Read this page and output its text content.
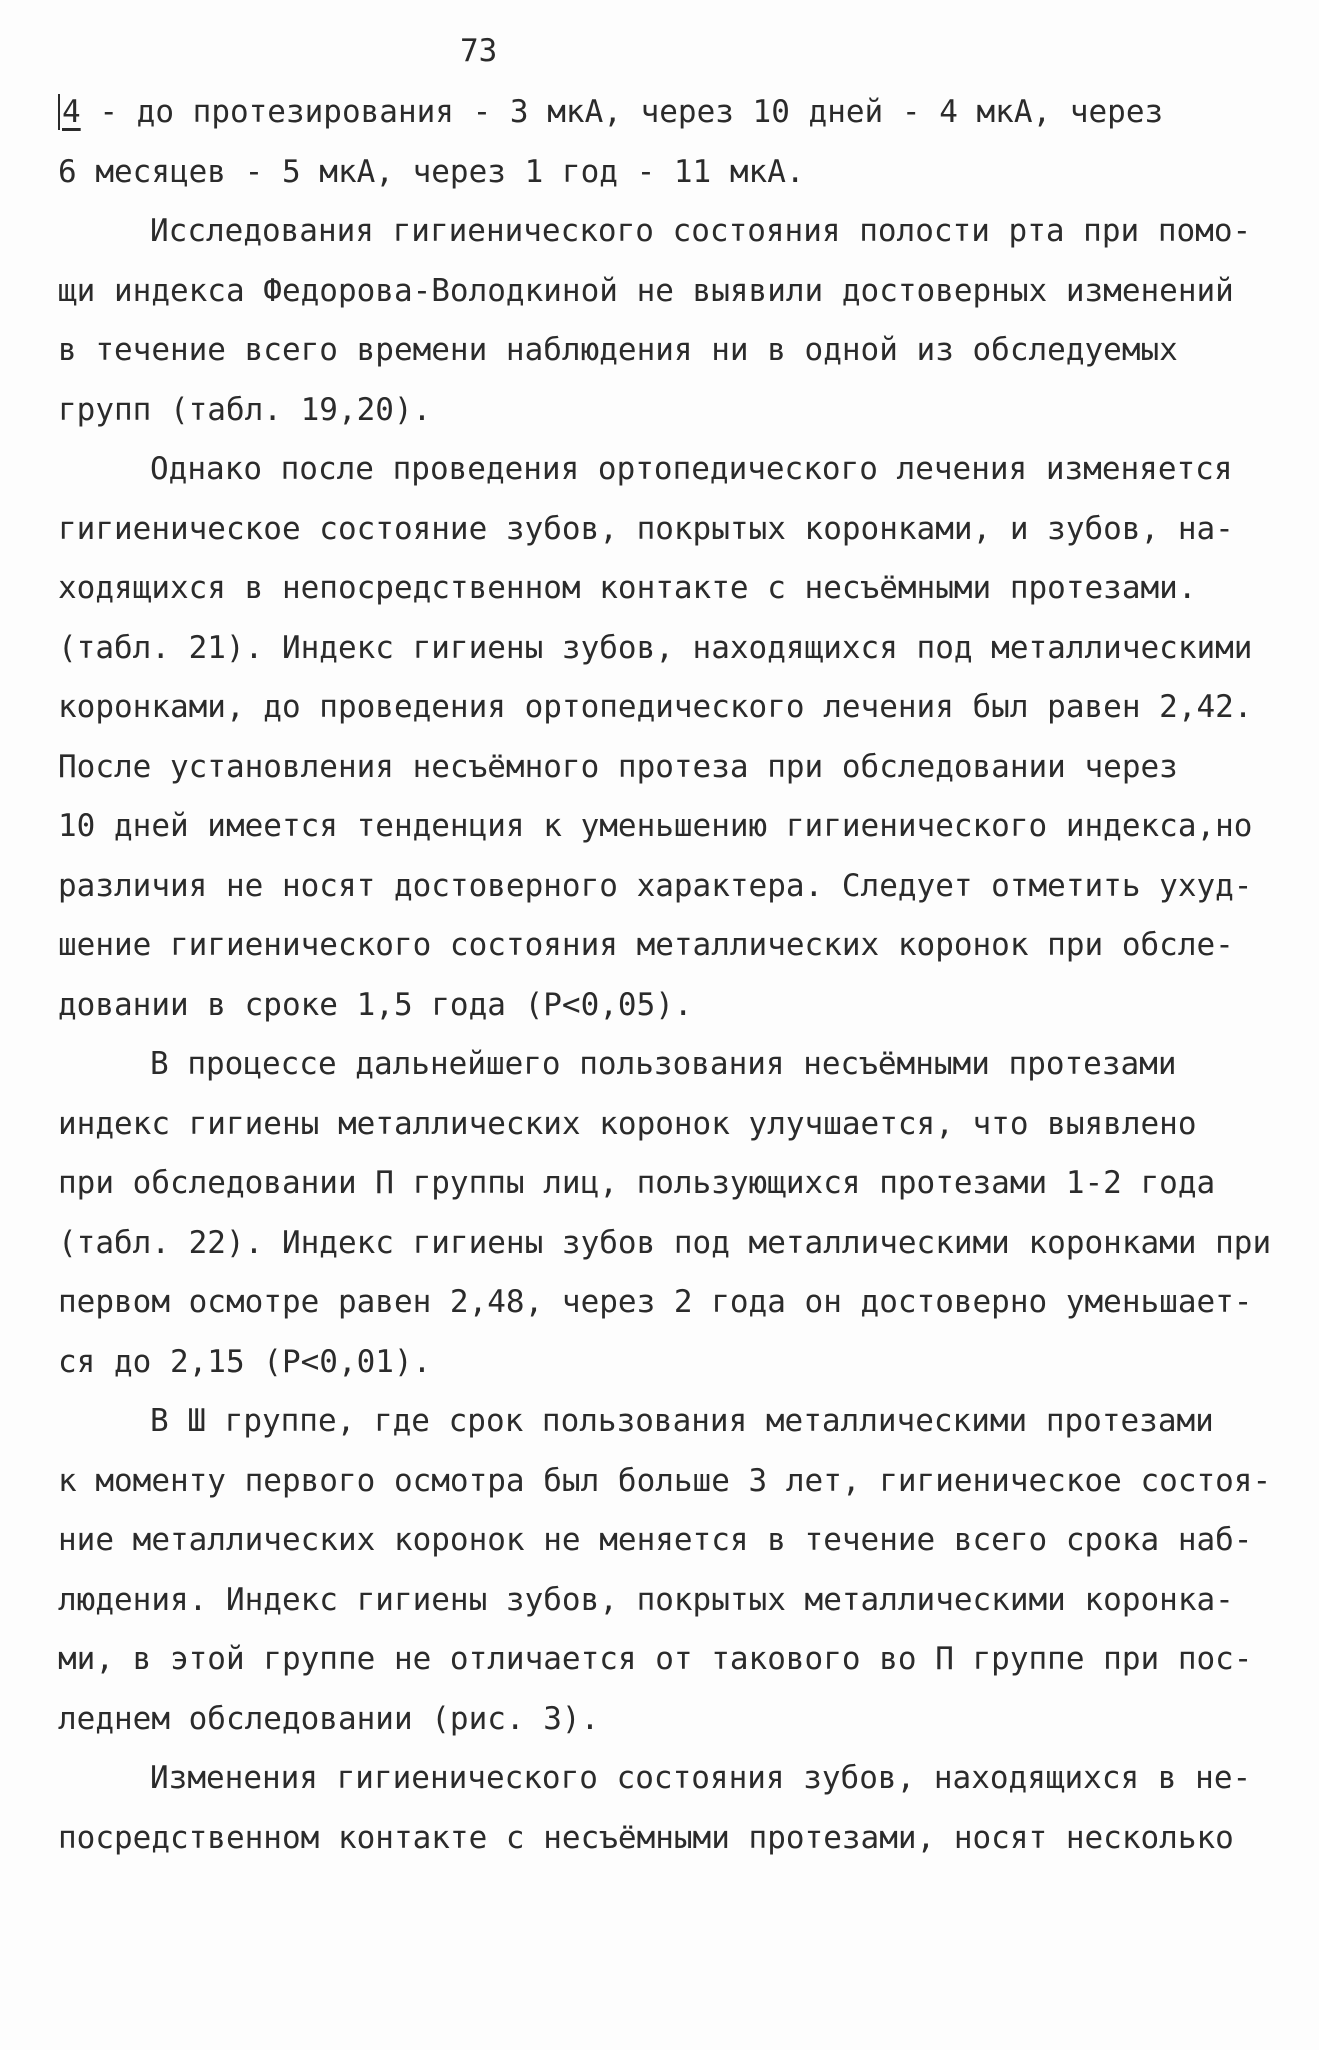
73
4 - до протезирования - 3 мкА, через 10 дней - 4 мкА, через
6 месяцев - 5 мкА, через 1 год - 11 мкА.
Исследования гигиенического состояния полости рта при помо-
щи индекса Федорова-Володкиной не выявили достоверных изменений
в течение всего времени наблюдения ни в одной из обследуемых
групп (табл. 19,20).
Однако после проведения ортопедического лечения изменяется
гигиеническое состояние зубов, покрытых коронками, и зубов, на-
ходящихся в непосредственном контакте с несъёмными протезами.
(табл. 21). Индекс гигиены зубов, находящихся под металлическими
коронками, до проведения ортопедического лечения был равен 2,42.
После установления несъёмного протеза при обследовании через
10 дней имеется тенденция к уменьшению гигиенического индекса,но
различия не носят достоверного характера. Следует отметить ухуд-
шение гигиенического состояния металлических коронок при обсле-
довании в сроке 1,5 года (P<0,05).
В процессе дальнейшего пользования несъёмными протезами
индекс гигиены металлических коронок улучшается, что выявлено
при обследовании П группы лиц, пользующихся протезами 1-2 года
(табл. 22). Индекс гигиены зубов под металлическими коронками при
первом осмотре равен 2,48, через 2 года он достоверно уменьшает-
ся до 2,15 (P<0,01).
В Ш группе, где срок пользования металлическими протезами
к моменту первого осмотра был больше 3 лет, гигиеническое состоя-
ние металлических коронок не меняется в течение всего срока наб-
людения. Индекс гигиены зубов, покрытых металлическими коронка-
ми, в этой группе не отличается от такового во П группе при пос-
леднем обследовании (рис. 3).
Изменения гигиенического состояния зубов, находящихся в не-
посредственном контакте с несъёмными протезами, носят несколько
